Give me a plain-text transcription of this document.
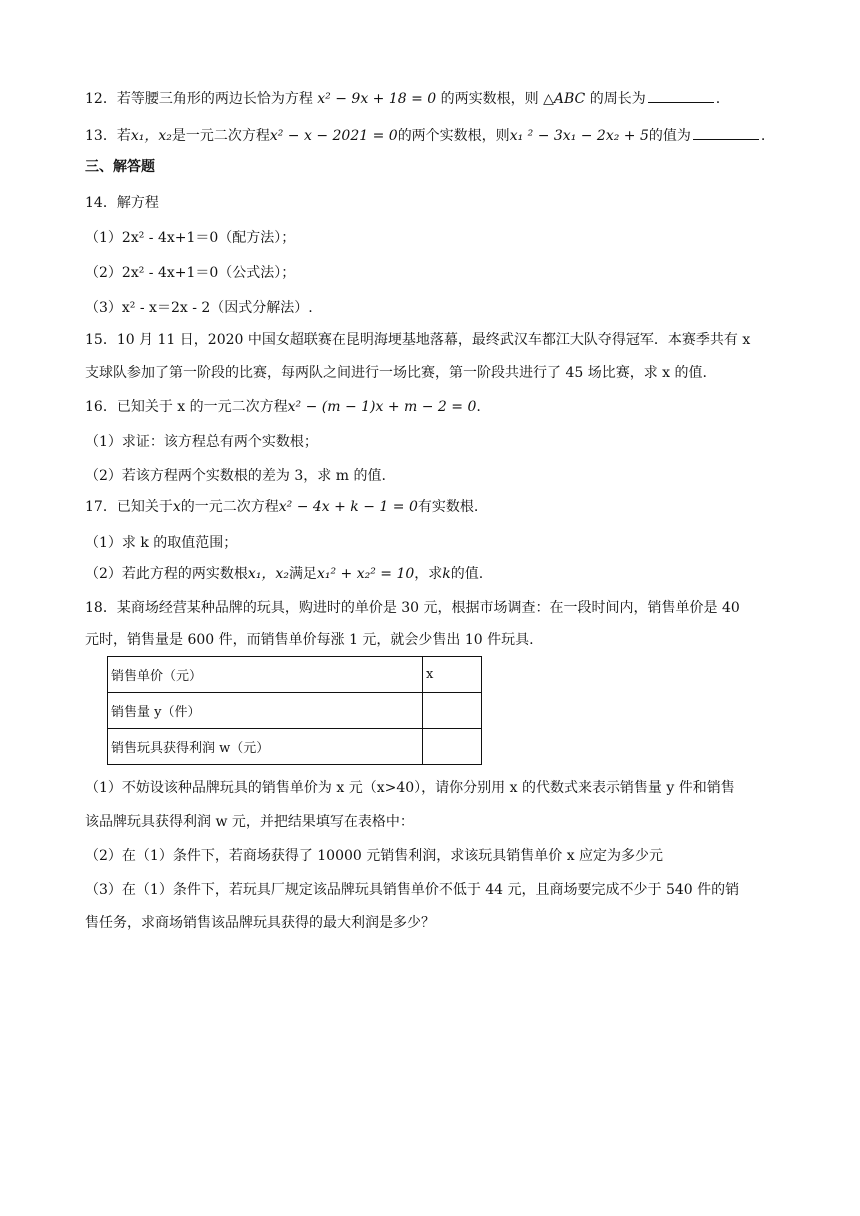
12．若等腰三角形的两边长恰为方程 x² − 9x + 18 = 0 的两实数根，则 △ABC 的周长为	.
13．若x₁，x₂是一元二次方程x² − x − 2021 = 0的两个实数根，则x₁ ² − 3x₁ − 2x₂ + 5的值为	.
三、解答题
14．解方程
（1）2x² - 4x+1＝0（配方法）；
（2）2x² - 4x+1＝0（公式法）；
（3）x² - x＝2x - 2（因式分解法）.
15．10 月 11 日，2020 中国女超联赛在昆明海埂基地落幕，最终武汉车都江大队夺得冠军．本赛季共有 x
支球队参加了第一阶段的比赛，每两队之间进行一场比赛，第一阶段共进行了 45 场比赛，求 x 的值.
16．已知关于 x 的一元二次方程x² − (m − 1)x + m − 2 = 0.
（1）求证：该方程总有两个实数根；
（2）若该方程两个实数根的差为 3，求 m 的值.
17．已知关于x的一元二次方程x² − 4x + k − 1 = 0有实数根.
（1）求 k 的取值范围；
（2）若此方程的两实数根x₁，x₂满足x₁² + x₂² = 10，求k的值.
18．某商场经营某种品牌的玩具，购进时的单价是 30 元，根据市场调查：在一段时间内，销售单价是 40
元时，销售量是 600 件，而销售单价每涨 1 元，就会少售出 10 件玩具.
销售单价（元）	x
销售量 y（件）	
销售玩具获得利润 w（元）	
（1）不妨设该种品牌玩具的销售单价为 x 元（x>40），请你分别用 x 的代数式来表示销售量 y 件和销售
该品牌玩具获得利润 w 元，并把结果填写在表格中：
（2）在（1）条件下，若商场获得了 10000 元销售利润，求该玩具销售单价 x 应定为多少元
（3）在（1）条件下，若玩具厂规定该品牌玩具销售单价不低于 44 元，且商场要完成不少于 540 件的销
售任务，求商场销售该品牌玩具获得的最大利润是多少？
